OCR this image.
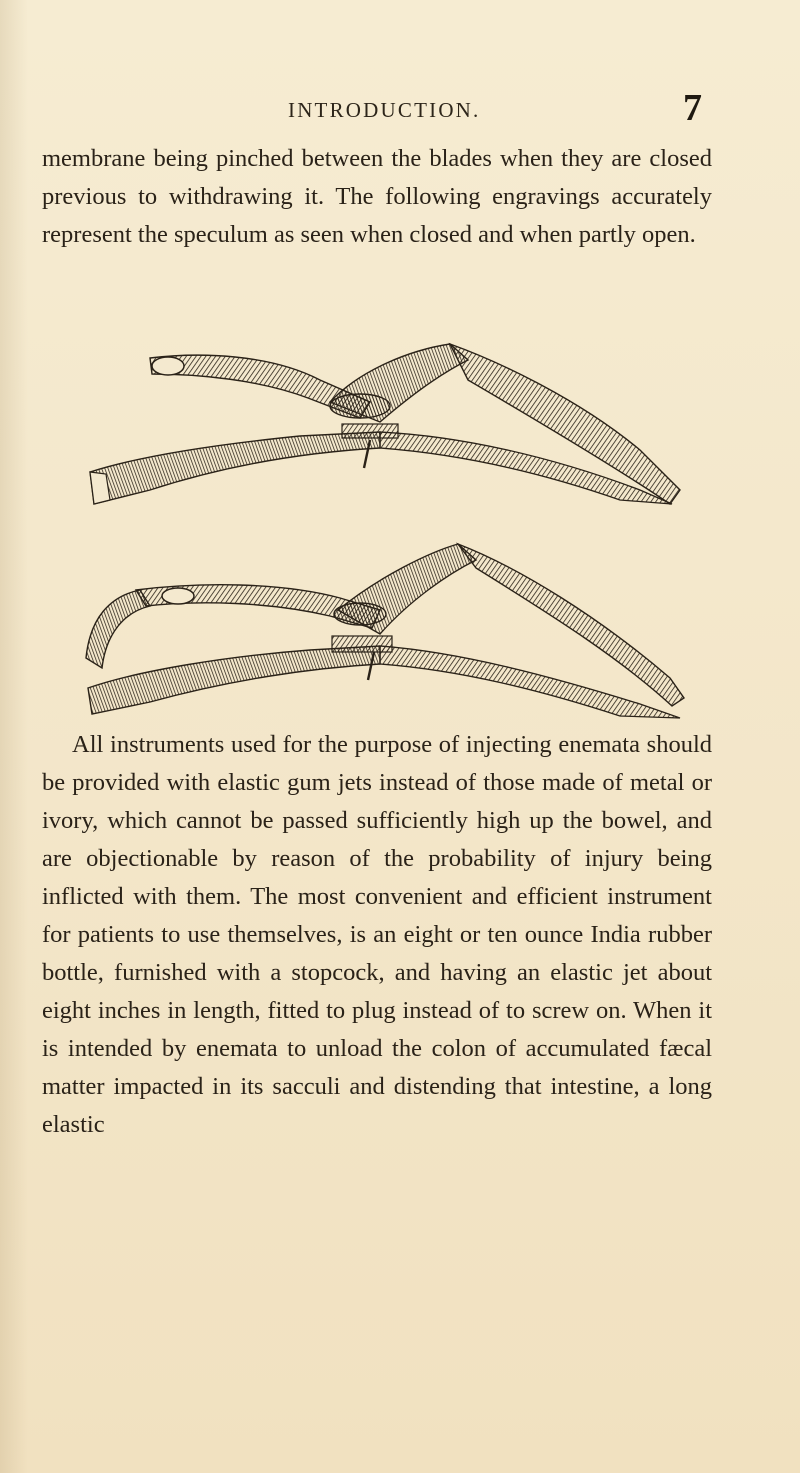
INTRODUCTION.	7

membrane being pinched between the blades when they are closed previous to withdrawing it. The following engravings accurately represent the speculum as seen when closed and when partly open.

All instruments used for the purpose of injecting enemata should be provided with elastic gum jets instead of those made of metal or ivory, which cannot be passed sufficiently high up the bowel, and are objectionable by reason of the probability of injury being inflicted with them. The most convenient and efficient instrument for patients to use themselves, is an eight or ten ounce India rubber bottle, furnished with a stopcock, and having an elastic jet about eight inches in length, fitted to plug instead of to screw on. When it is intended by enemata to unload the colon of accumulated fæcal matter impacted in its sacculi and distending that intestine, a long elastic
